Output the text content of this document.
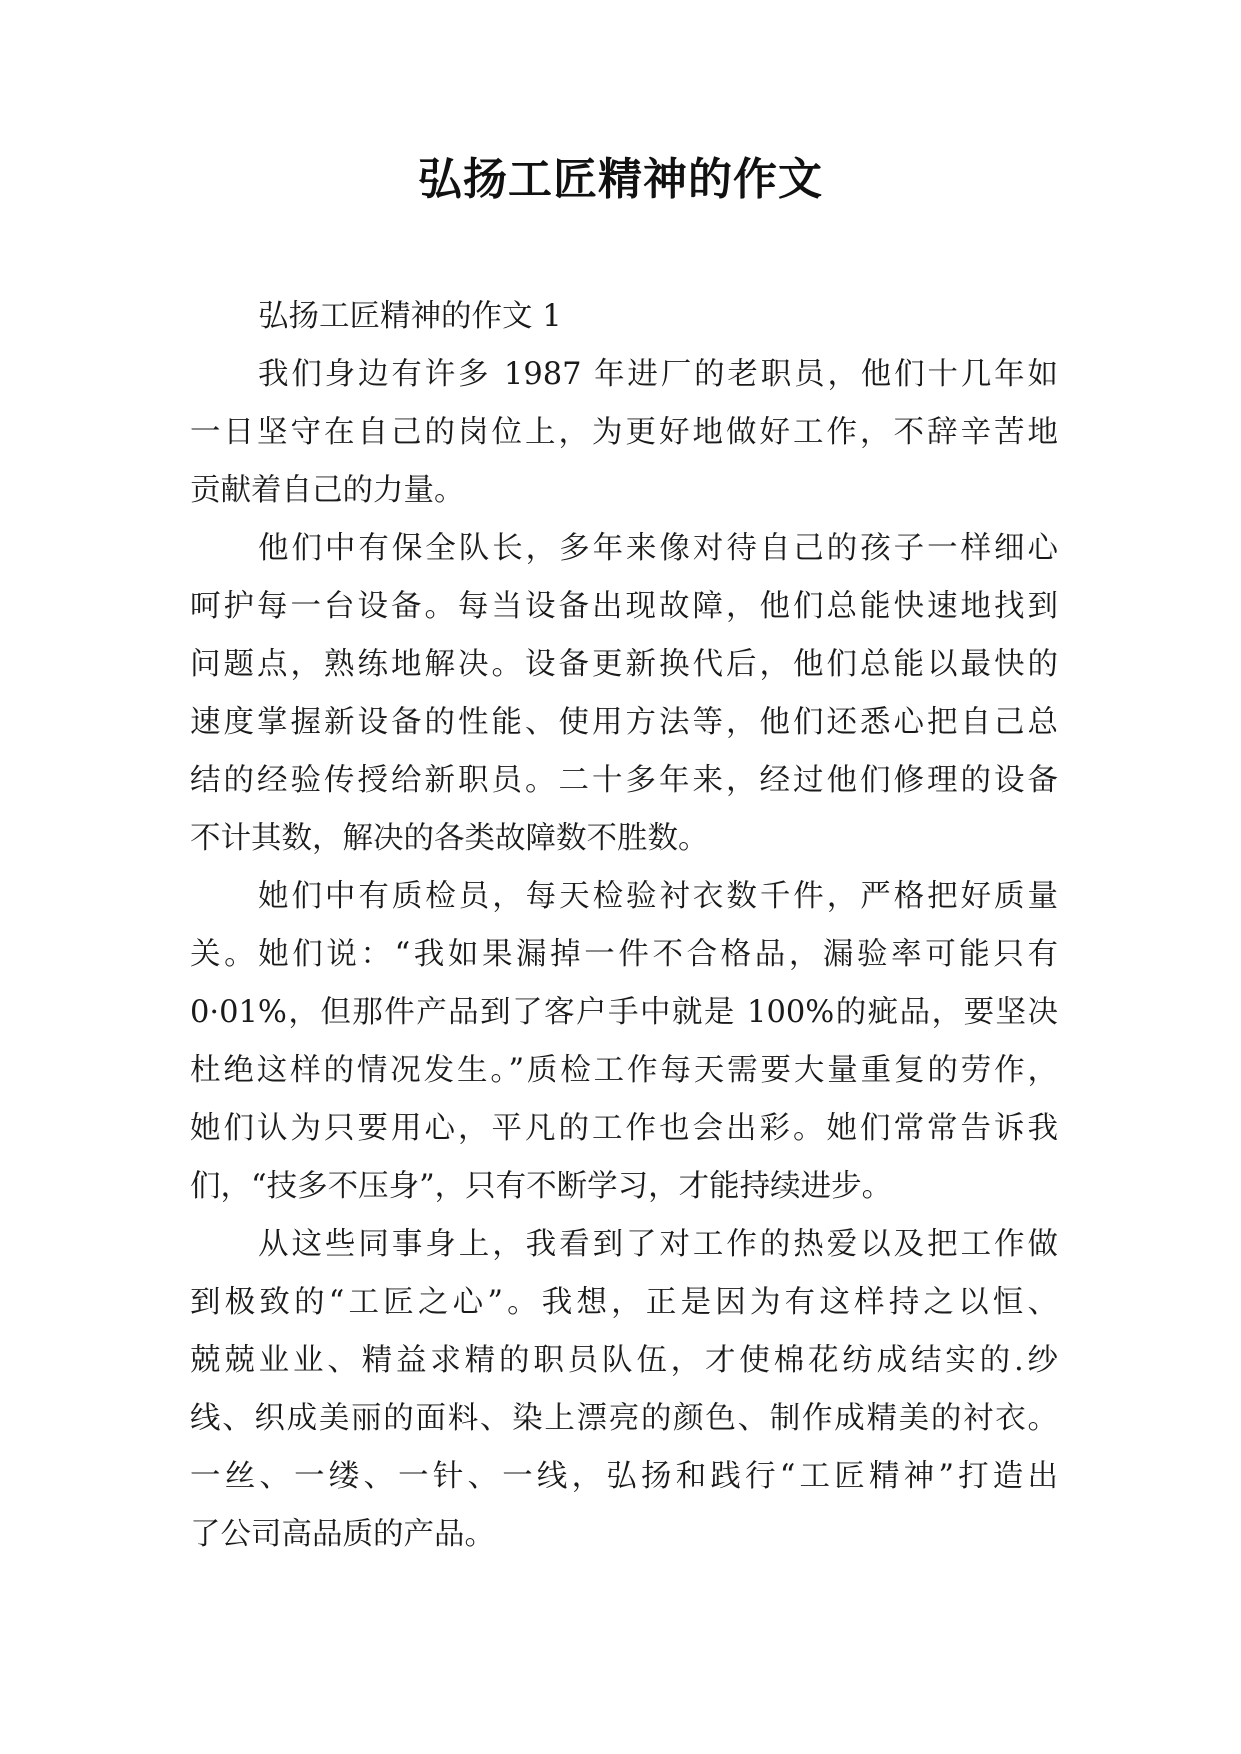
弘扬工匠精神的作文
弘扬工匠精神的作文 1
我们身边有许多 1987 年进厂的老职员，他们十几年如
一日坚守在自己的岗位上，为更好地做好工作，不辞辛苦地
贡献着自己的力量。
他们中有保全队长，多年来像对待自己的孩子一样细心
呵护每一台设备。每当设备出现故障，他们总能快速地找到
问题点，熟练地解决。设备更新换代后，他们总能以最快的
速度掌握新设备的性能、使用方法等，他们还悉心把自己总
结的经验传授给新职员。二十多年来，经过他们修理的设备
不计其数，解决的各类故障数不胜数。
她们中有质检员，每天检验衬衣数千件，严格把好质量
关。她们说：“我如果漏掉一件不合格品，漏验率可能只有
0·01%，但那件产品到了客户手中就是 100%的疵品，要坚决
杜绝这样的情况发生。”质检工作每天需要大量重复的劳作，
她们认为只要用心，平凡的工作也会出彩。她们常常告诉我
们，“技多不压身”，只有不断学习，才能持续进步。
从这些同事身上，我看到了对工作的热爱以及把工作做
到极致的“工匠之心”。我想，正是因为有这样持之以恒、
兢兢业业、精益求精的职员队伍，才使棉花纺成结实的.纱
线、织成美丽的面料、染上漂亮的颜色、制作成精美的衬衣。
一丝、一缕、一针、一线，弘扬和践行“工匠精神”打造出
了公司高品质的产品。
